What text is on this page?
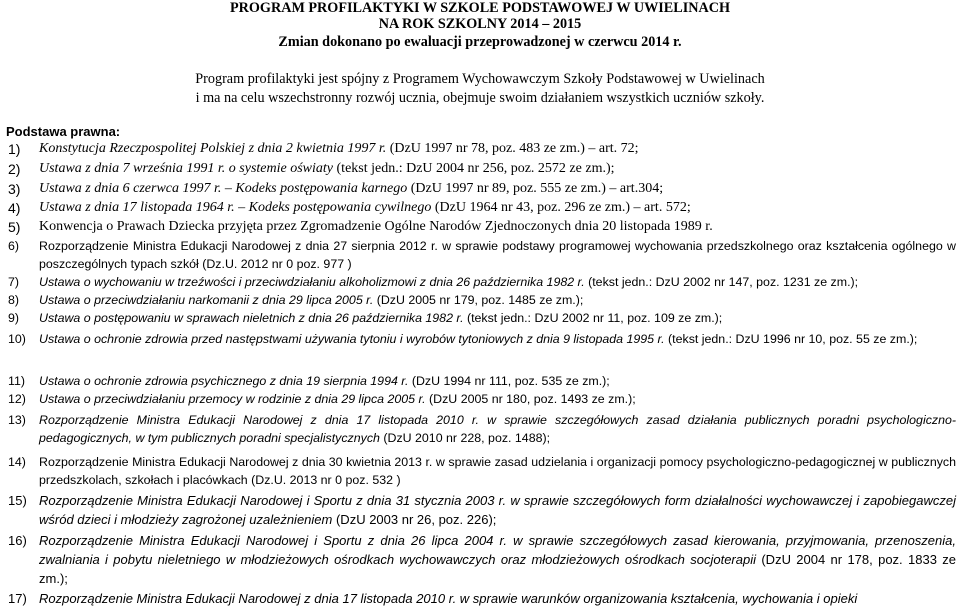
PROGRAM PROFILAKTYKI W SZKOLE PODSTAWOWEJ W UWIELINACH
NA ROK SZKOLNY 2014 – 2015
Zmian dokonano po ewaluacji przeprowadzonej w czerwcu 2014 r.
Program profilaktyki jest spójny z Programem Wychowawczym Szkoły Podstawowej w Uwielinach
i ma na celu wszechstronny rozwój ucznia, obejmuje swoim działaniem wszystkich uczniów szkoły.
Podstawa prawna:
1) Konstytucja Rzeczpospolitej Polskiej z dnia 2 kwietnia 1997 r. (DzU 1997 nr 78, poz. 483 ze zm.) – art. 72;
2) Ustawa z dnia 7 września 1991 r. o systemie oświaty (tekst jedn.: DzU 2004 nr 256, poz. 2572 ze zm.);
3) Ustawa z dnia 6 czerwca 1997 r. – Kodeks postępowania karnego (DzU 1997 nr 89, poz. 555 ze zm.) – art.304;
4) Ustawa z dnia 17 listopada 1964 r. – Kodeks postępowania cywilnego (DzU 1964 nr 43, poz. 296 ze zm.) – art. 572;
5) Konwencja o Prawach Dziecka przyjęta przez Zgromadzenie Ogólne Narodów Zjednoczonych dnia 20 listopada 1989 r.
6) Rozporządzenie Ministra Edukacji Narodowej z dnia 27 sierpnia 2012 r. w sprawie podstawy programowej wychowania przedszkolnego oraz kształcenia ogólnego w poszczególnych typach szkół (Dz.U. 2012 nr 0 poz. 977 )
7) Ustawa o wychowaniu w trzeźwości i przeciwdziałaniu alkoholizmowi z dnia 26 października 1982 r. (tekst jedn.: DzU 2002 nr 147, poz. 1231 ze zm.);
8) Ustawa o przeciwdziałaniu narkomanii z dnia 29 lipca 2005 r. (DzU 2005 nr 179, poz. 1485 ze zm.);
9) Ustawa o postępowaniu w sprawach nieletnich z dnia 26 października 1982 r. (tekst jedn.: DzU 2002 nr 11, poz. 109 ze zm.);
10) Ustawa o ochronie zdrowia przed następstwami używania tytoniu i wyrobów tytoniowych z dnia 9 listopada 1995 r. (tekst jedn.: DzU 1996 nr 10, poz. 55 ze zm.);
11) Ustawa o ochronie zdrowia psychicznego z dnia 19 sierpnia 1994 r. (DzU 1994 nr 111, poz. 535 ze zm.);
12) Ustawa o przeciwdziałaniu przemocy w rodzinie z dnia 29 lipca 2005 r. (DzU 2005 nr 180, poz. 1493 ze zm.);
13) Rozporządzenie Ministra Edukacji Narodowej z dnia 17 listopada 2010 r. w sprawie szczegółowych zasad działania publicznych poradni psychologiczno-pedagogicznych, w tym publicznych poradni specjalistycznych (DzU 2010 nr 228, poz. 1488);
14) Rozporządzenie Ministra Edukacji Narodowej z dnia 30 kwietnia 2013 r. w sprawie zasad udzielania i organizacji pomocy psychologiczno-pedagogicznej w publicznych przedszkolach, szkołach i placówkach (Dz.U. 2013 nr 0 poz. 532 )
15) Rozporządzenie Ministra Edukacji Narodowej i Sportu z dnia 31 stycznia 2003 r. w sprawie szczegółowych form działalności wychowawczej i zapobiegawczej wśród dzieci i młodzieży zagrożonej uzależnieniem (DzU 2003 nr 26, poz. 226);
16) Rozporządzenie Ministra Edukacji Narodowej i Sportu z dnia 26 lipca 2004 r. w sprawie szczegółowych zasad kierowania, przyjmowania, przenoszenia, zwalniania i pobytu nieletniego w młodzieżowych ośrodkach wychowawczych oraz młodzieżowych ośrodkach socjoterapii (DzU 2004 nr 178, poz. 1833 ze zm.);
17) Rozporządzenie Ministra Edukacji Narodowej z dnia 17 listopada 2010 r. w sprawie warunków organizowania kształcenia, wychowania i opieki
